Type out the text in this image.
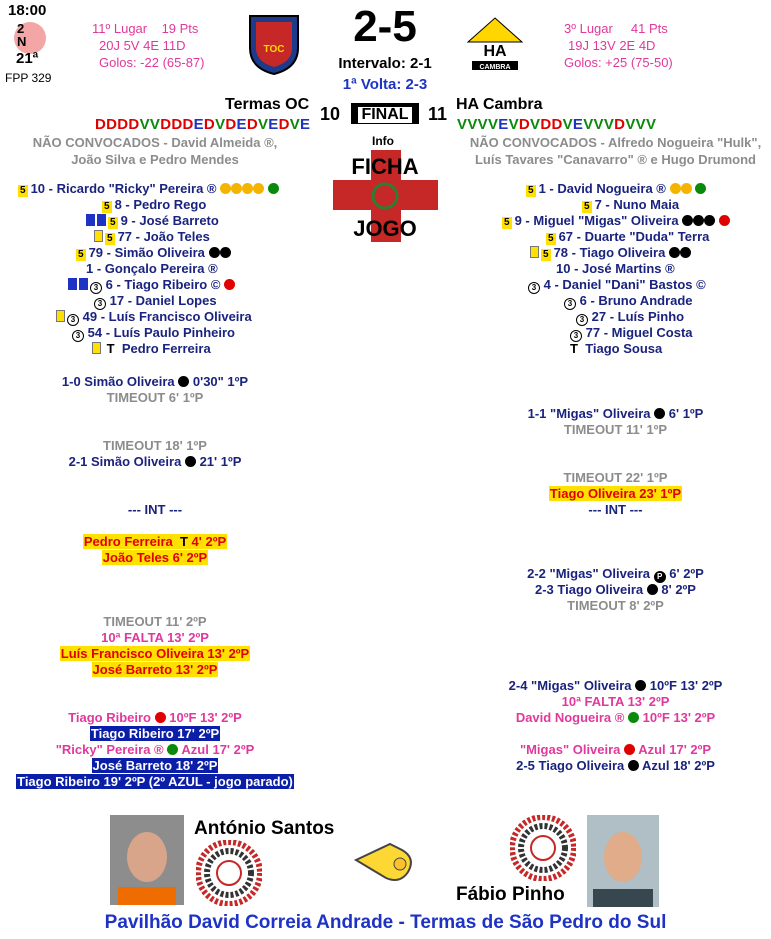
18:00
2
N
21ª
FPP 329
11º Lugar 19 Pts
20J 5V 4E 11D
Golos: -22 (65-87)
TOC	2-5
Intervalo: 2-1
1ª Volta: 2-3
HA
CAMBRA
3º Lugar 41 Pts
19J 13V 2E 4D
Golos: +25 (75-50)
Termas OC	HA Cambra
DDDDVVDDDEDVDEDVEDVE	VVVVEVDVDDVEVVVDVVV
10	FINAL	11
NÃO CONVOCADOS - David Almeida ®,
João Silva e Pedro Mendes
NÃO CONVOCADOS - Alfredo Nogueira "Hulk",
Luís Tavares "Canavarro" ® e Hugo Drumond
Info
FICHA
JOGO
5 10 - Ricardo "Ricky" Pereira ®
5 8 - Pedro Rego
5 9 - José Barreto
5 77 - João Teles
5 79 - Simão Oliveira
1 - Gonçalo Pereira ®
3 6 - Tiago Ribeiro ©
3 17 - Daniel Lopes
3 49 - Luís Francisco Oliveira
3 54 - Luís Paulo Pinheiro
T Pedro Ferreira
5 1 - David Nogueira ®
5 7 - Nuno Maia
5 9 - Miguel "Migas" Oliveira
5 67 - Duarte "Duda" Terra
5 78 - Tiago Oliveira
10 - José Martins ®
3 4 - Daniel "Dani" Bastos ©
3 6 - Bruno Andrade
3 27 - Luís Pinho
3 77 - Miguel Costa
T Tiago Sousa
1-0 Simão Oliveira 0'30" 1ºP
TIMEOUT 6' 1ºP
TIMEOUT 18' 1ºP
2-1 Simão Oliveira 21' 1ºP
--- INT ---
Pedro Ferreira T 4' 2ºP
João Teles 6' 2ºP
TIMEOUT 11' 2ºP
10ª FALTA 13' 2ºP
Luís Francisco Oliveira 13' 2ºP
José Barreto 13' 2ºP
Tiago Ribeiro 10ºF 13' 2ºP
Tiago Ribeiro 17' 2ºP
"Ricky" Pereira ® Azul 17' 2ºP
José Barreto 18' 2ºP
Tiago Ribeiro 19' 2ºP (2º AZUL - jogo parado)
1-1 "Migas" Oliveira 6' 1ºP
TIMEOUT 11' 1ºP
TIMEOUT 22' 1ºP
Tiago Oliveira 23' 1ºP
--- INT ---
2-2 "Migas" Oliveira P 6' 2ºP
2-3 Tiago Oliveira 8' 2ºP
TIMEOUT 8' 2ºP
2-4 "Migas" Oliveira 10ºF 13' 2ºP
10ª FALTA 13' 2ºP
David Nogueira ® 10ºF 13' 2ºP
"Migas" Oliveira Azul 17' 2ºP
2-5 Tiago Oliveira Azul 18' 2ºP
António Santos
Fábio Pinho
Pavilhão David Correia Andrade - Termas de São Pedro do Sul
